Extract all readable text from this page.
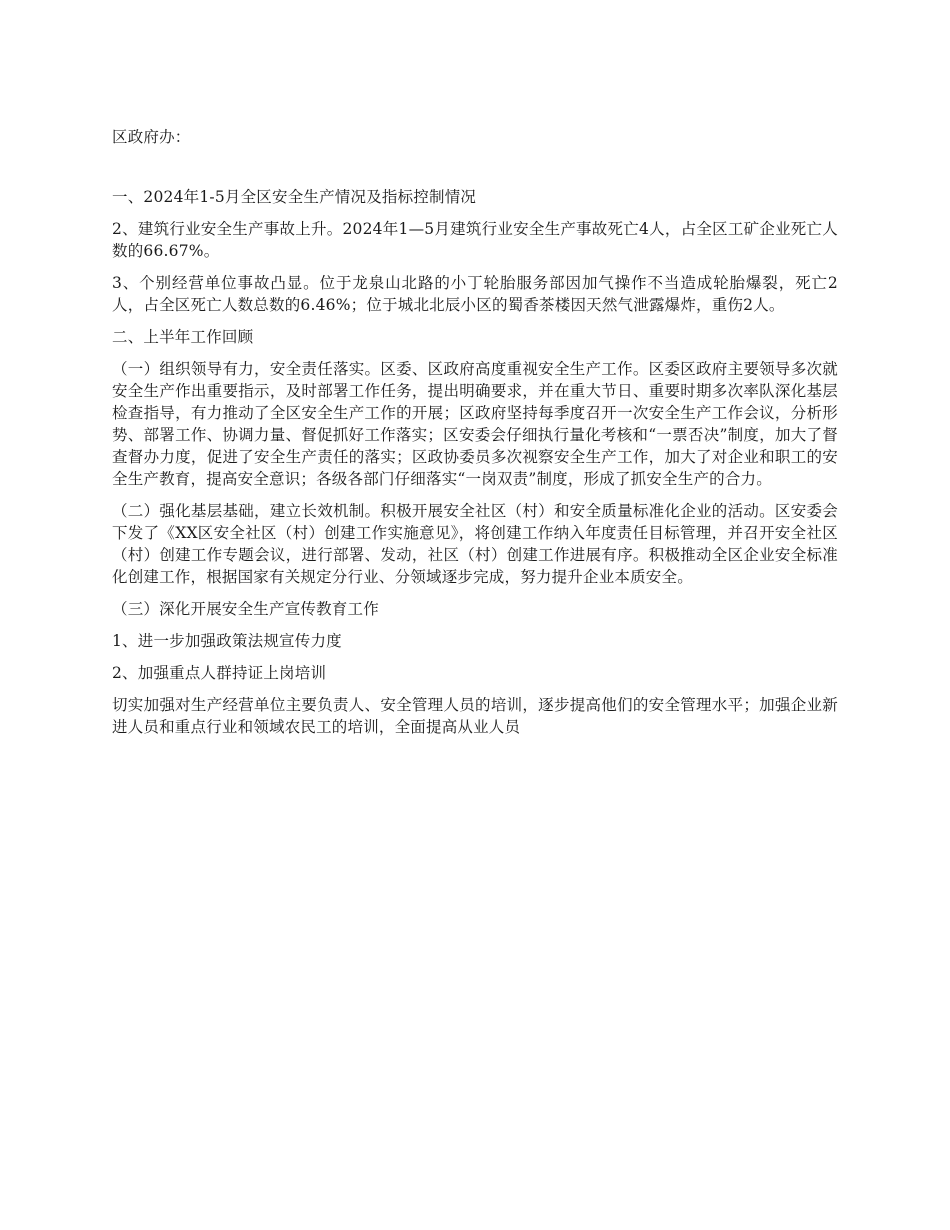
区政府办：

一、2024年1-5月全区安全生产情况及指标控制情况

2、建筑行业安全生产事故上升。2024年1—5月建筑行业安全生产事故死亡4人，占全区工矿企业死亡人数的66.67%。

3、个别经营单位事故凸显。位于龙泉山北路的小丁轮胎服务部因加气操作不当造成轮胎爆裂，死亡2人，占全区死亡人数总数的6.46%；位于城北北辰小区的蜀香茶楼因天然气泄露爆炸，重伤2人。

二、上半年工作回顾

（一）组织领导有力，安全责任落实。区委、区政府高度重视安全生产工作。区委区政府主要领导多次就安全生产作出重要指示，及时部署工作任务，提出明确要求，并在重大节日、重要时期多次率队深化基层检查指导，有力推动了全区安全生产工作的开展；区政府坚持每季度召开一次安全生产工作会议，分析形势、部署工作、协调力量、督促抓好工作落实；区安委会仔细执行量化考核和“一票否决”制度，加大了督查督办力度，促进了安全生产责任的落实；区政协委员多次视察安全生产工作，加大了对企业和职工的安全生产教育，提高安全意识；各级各部门仔细落实“一岗双责”制度，形成了抓安全生产的合力。

（二）强化基层基础，建立长效机制。积极开展安全社区（村）和安全质量标准化企业的活动。区安委会下发了《XX区安全社区（村）创建工作实施意见》，将创建工作纳入年度责任目标管理，并召开安全社区（村）创建工作专题会议，进行部署、发动，社区（村）创建工作进展有序。积极推动全区企业安全标准化创建工作，根据国家有关规定分行业、分领域逐步完成，努力提升企业本质安全。

（三）深化开展安全生产宣传教育工作

1、进一步加强政策法规宣传力度

2、加强重点人群持证上岗培训

切实加强对生产经营单位主要负责人、安全管理人员的培训，逐步提高他们的安全管理水平；加强企业新进人员和重点行业和领域农民工的培训，全面提高从业人员
